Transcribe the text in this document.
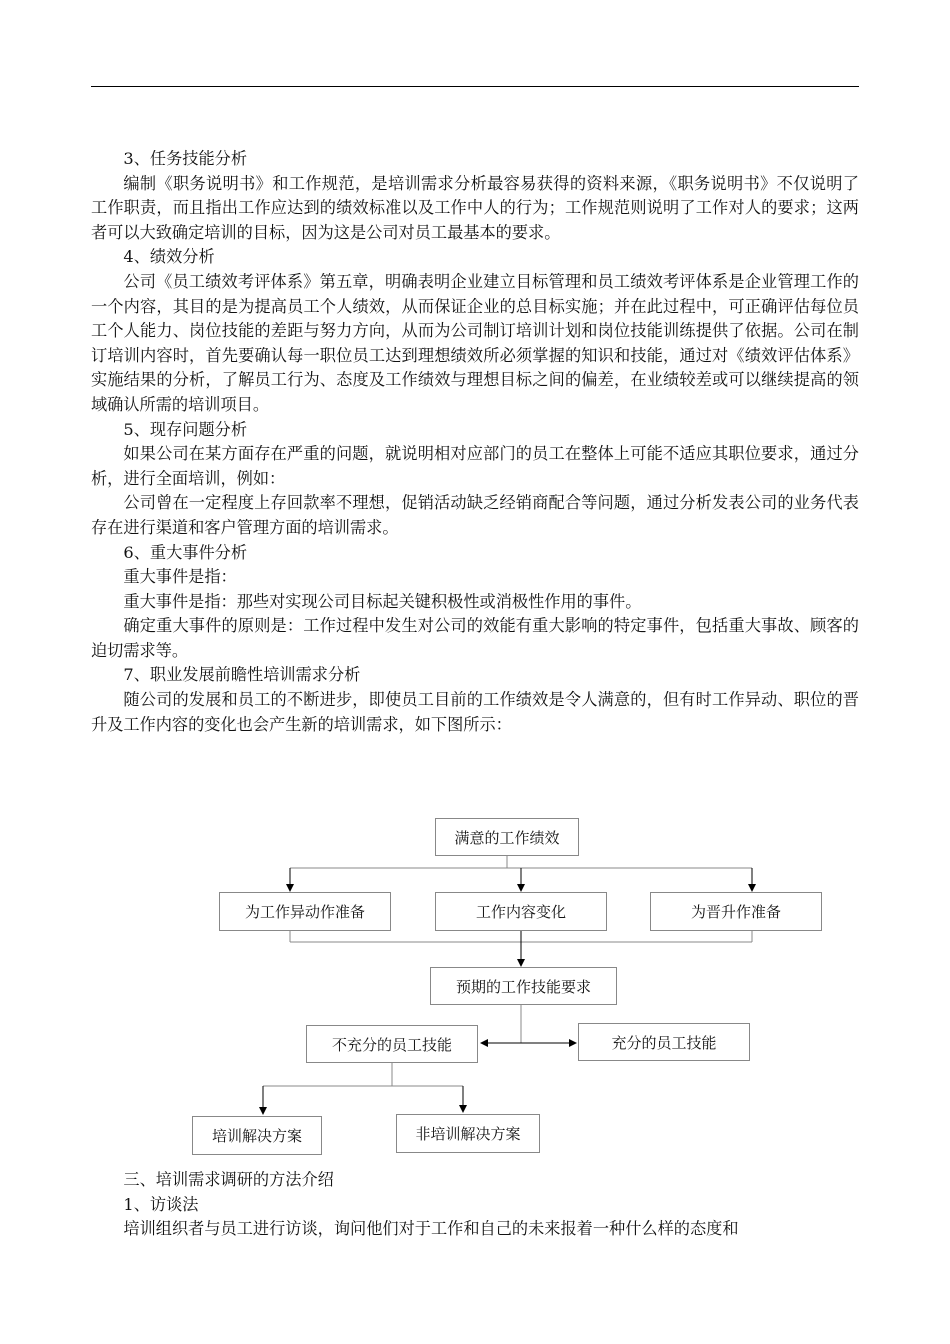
3、任务技能分析

编制《职务说明书》和工作规范，是培训需求分析最容易获得的资料来源，《职务说明书》不仅说明了工作职责，而且指出工作应达到的绩效标准以及工作中人的行为；工作规范则说明了工作对人的要求；这两者可以大致确定培训的目标，因为这是公司对员工最基本的要求。

4、绩效分析

公司《员工绩效考评体系》第五章，明确表明企业建立目标管理和员工绩效考评体系是企业管理工作的一个内容，其目的是为提高员工个人绩效，从而保证企业的总目标实施；并在此过程中，可正确评估每位员工个人能力、岗位技能的差距与努力方向，从而为公司制订培训计划和岗位技能训练提供了依据。公司在制订培训内容时，首先要确认每一职位员工达到理想绩效所必须掌握的知识和技能，通过对《绩效评估体系》实施结果的分析，了解员工行为、态度及工作绩效与理想目标之间的偏差，在业绩较差或可以继续提高的领域确认所需的培训项目。

5、现存问题分析

如果公司在某方面存在严重的问题，就说明相对应部门的员工在整体上可能不适应其职位要求，通过分析，进行全面培训，例如：

公司曾在一定程度上存回款率不理想，促销活动缺乏经销商配合等问题，通过分析发表公司的业务代表存在进行渠道和客户管理方面的培训需求。

6、重大事件分析

重大事件是指：

重大事件是指：那些对实现公司目标起关键积极性或消极性作用的事件。

确定重大事件的原则是：工作过程中发生对公司的效能有重大影响的特定事件，包括重大事故、顾客的迫切需求等。

7、职业发展前瞻性培训需求分析

随公司的发展和员工的不断进步，即使员工目前的工作绩效是令人满意的，但有时工作异动、职位的晋升及工作内容的变化也会产生新的培训需求，如下图所示：

满意的工作绩效
为工作异动作准备	工作内容变化	为晋升作准备
预期的工作技能要求
不充分的员工技能	充分的员工技能
培训解决方案	非培训解决方案

三、培训需求调研的方法介绍

1、访谈法

培训组织者与员工进行访谈，询问他们对于工作和自己的未来报着一种什么样的态度和
